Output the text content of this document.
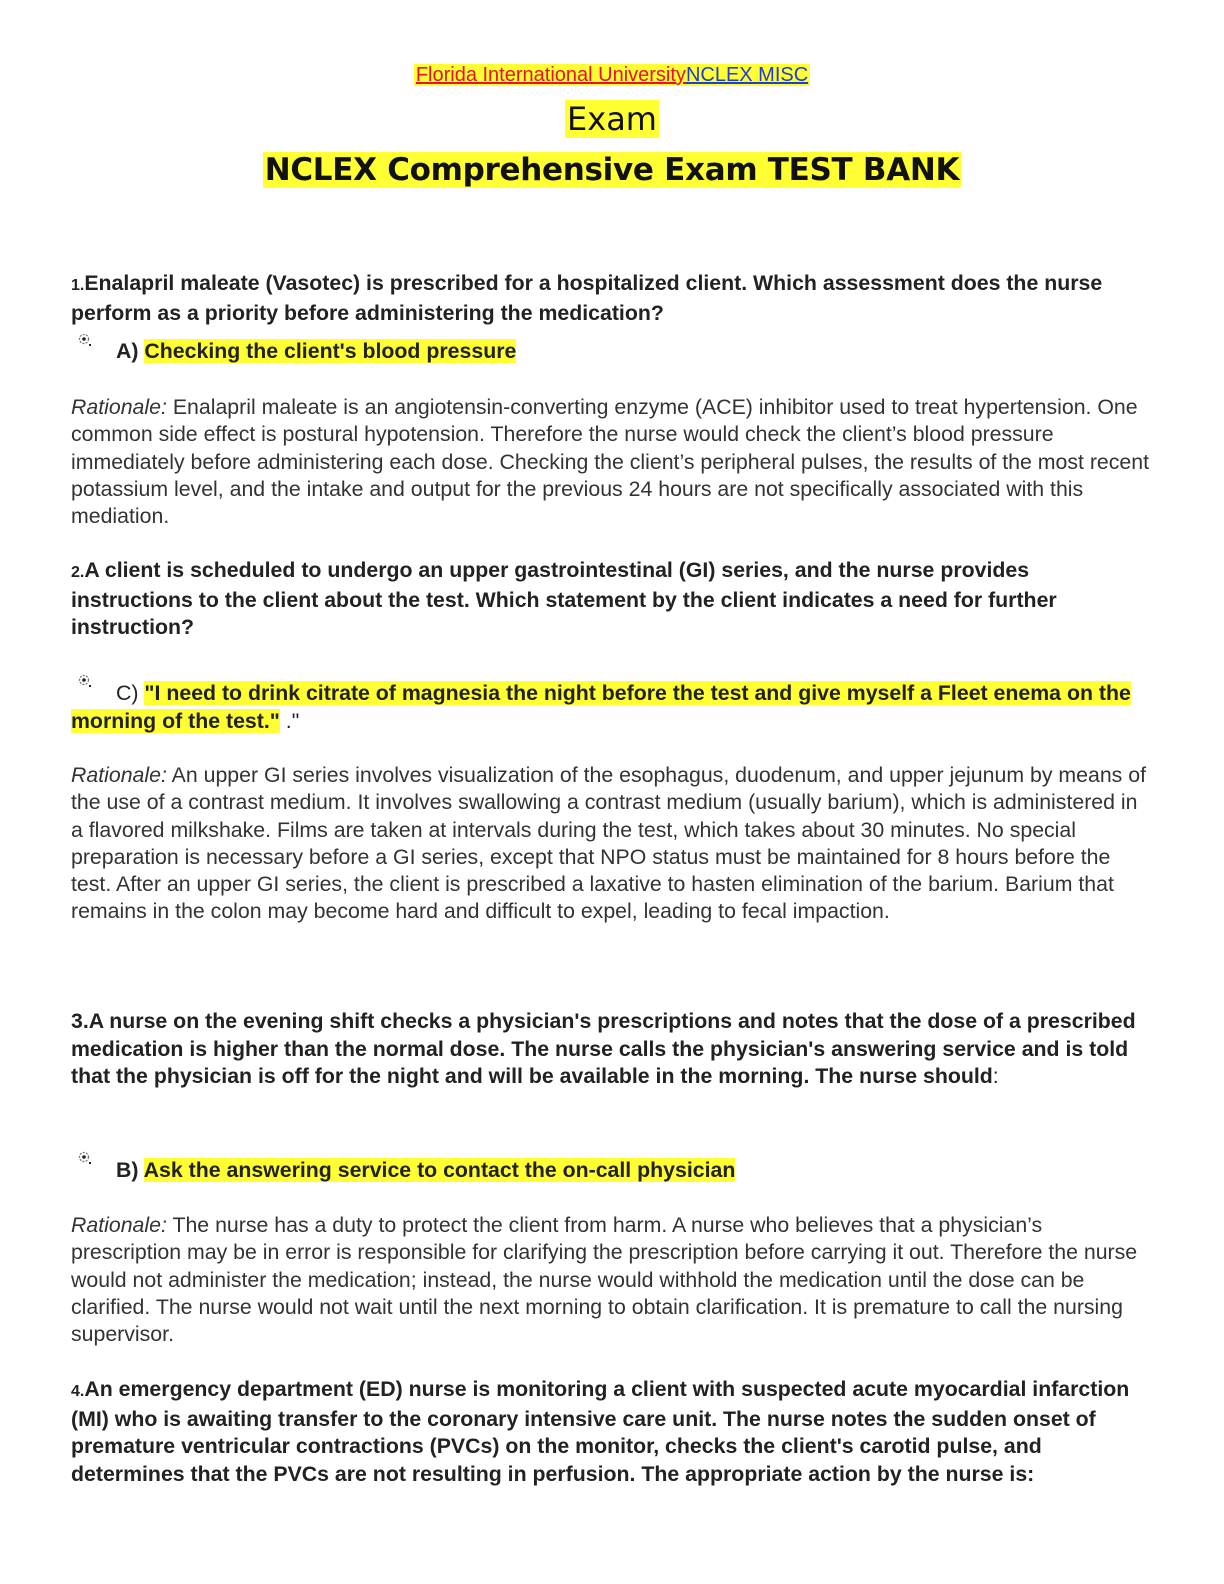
Florida International UniversityNCLEX MISC
Exam
NCLEX Comprehensive Exam TEST BANK
1.Enalapril maleate (Vasotec) is prescribed for a hospitalized client. Which assessment does the nurse perform as a priority before administering the medication?
A) Checking the client's blood pressure
Rationale: Enalapril maleate is an angiotensin-converting enzyme (ACE) inhibitor used to treat hypertension. One common side effect is postural hypotension. Therefore the nurse would check the client’s blood pressure immediately before administering each dose. Checking the client’s peripheral pulses, the results of the most recent potassium level, and the intake and output for the previous 24 hours are not specifically associated with this mediation.
2.A client is scheduled to undergo an upper gastrointestinal (GI) series, and the nurse provides instructions to the client about the test. Which statement by the client indicates a need for further instruction?
C) "I need to drink citrate of magnesia the night before the test and give myself a Fleet enema on the morning of the test." ."
Rationale: An upper GI series involves visualization of the esophagus, duodenum, and upper jejunum by means of the use of a contrast medium. It involves swallowing a contrast medium (usually barium), which is administered in a flavored milkshake. Films are taken at intervals during the test, which takes about 30 minutes. No special preparation is necessary before a GI series, except that NPO status must be maintained for 8 hours before the test. After an upper GI series, the client is prescribed a laxative to hasten elimination of the barium. Barium that remains in the colon may become hard and difficult to expel, leading to fecal impaction.
3.A nurse on the evening shift checks a physician's prescriptions and notes that the dose of a prescribed medication is higher than the normal dose. The nurse calls the physician's answering service and is told that the physician is off for the night and will be available in the morning. The nurse should:
B) Ask the answering service to contact the on-call physician
Rationale: The nurse has a duty to protect the client from harm. A nurse who believes that a physician’s prescription may be in error is responsible for clarifying the prescription before carrying it out. Therefore the nurse would not administer the medication; instead, the nurse would withhold the medication until the dose can be clarified. The nurse would not wait until the next morning to obtain clarification. It is premature to call the nursing supervisor.
4.An emergency department (ED) nurse is monitoring a client with suspected acute myocardial infarction (MI) who is awaiting transfer to the coronary intensive care unit. The nurse notes the sudden onset of premature ventricular contractions (PVCs) on the monitor, checks the client's carotid pulse, and determines that the PVCs are not resulting in perfusion. The appropriate action by the nurse is:
